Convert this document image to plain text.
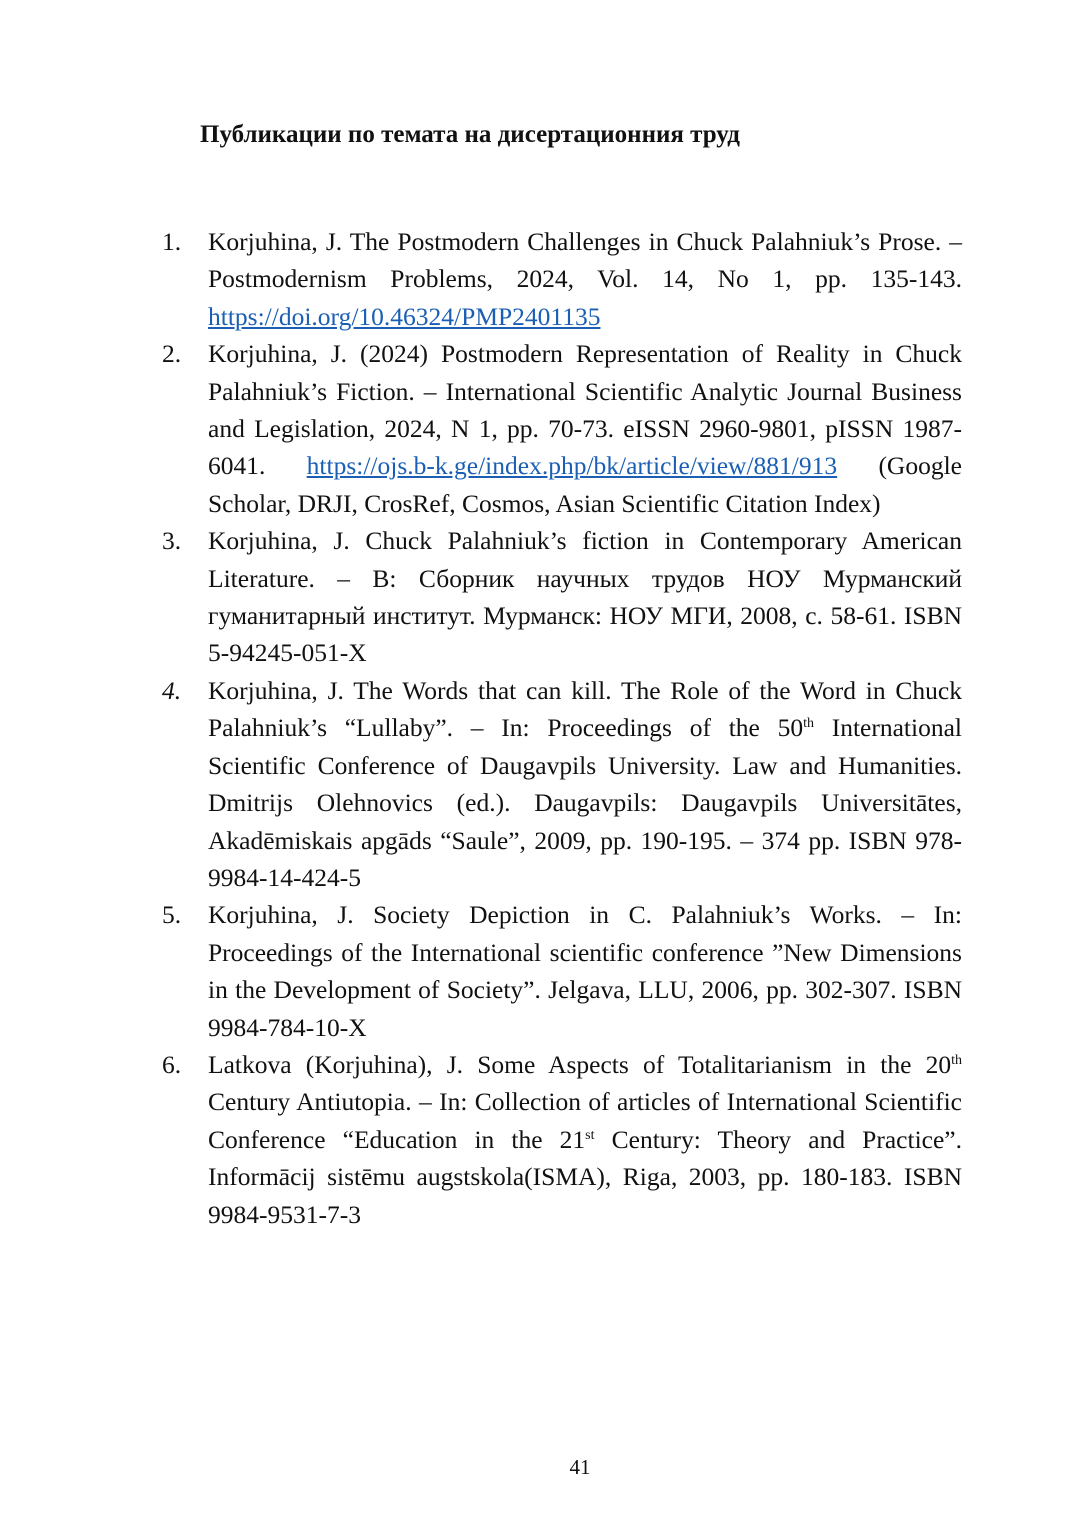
Публикации по темата на дисертационния труд
1. Korjuhina, J. The Postmodern Challenges in Chuck Palahniuk’s Prose. – Postmodernism Problems, 2024, Vol. 14, No 1, pp. 135-143. https://doi.org/10.46324/PMP2401135
2. Korjuhina, J. (2024) Postmodern Representation of Reality in Chuck Palahniuk’s Fiction. – International Scientific Analytic Journal Business and Legislation, 2024, N 1, pp. 70-73. eISSN 2960-9801, pISSN 1987-6041. https://ojs.b-k.ge/index.php/bk/article/view/881/913 (Google Scholar, DRJI, CrosRef, Cosmos, Asian Scientific Citation Index)
3. Korjuhina, J. Chuck Palahniuk’s fiction in Contemporary American Literature. – В: Сборник научных трудов НОУ Мурманский гуманитарный институт. Мурманск: НОУ МГИ, 2008, с. 58-61. ISBN 5-94245-051-X
4. Korjuhina, J. The Words that can kill. The Role of the Word in Chuck Palahniuk’s “Lullaby”. – In: Proceedings of the 50th International Scientific Conference of Daugavpils University. Law and Humanities. Dmitrijs Olehnovics (ed.). Daugavpils: Daugavpils Universitātes, Akadēmiskais apgāds “Saule”, 2009, pp. 190-195. – 374 pp. ISBN 978-9984-14-424-5
5. Korjuhina, J. Society Depiction in C. Palahniuk’s Works. – In: Proceedings of the International scientific conference ”New Dimensions in the Development of Society”. Jelgava, LLU, 2006, pp. 302-307. ISBN 9984-784-10-X
6. Latkova (Korjuhina), J. Some Aspects of Totalitarianism in the 20th Century Antiutopia. – In: Collection of articles of International Scientific Conference “Education in the 21st Century: Theory and Practice”. Informācij sistēmu augstskola(ISMA), Riga, 2003, pp. 180-183. ISBN 9984-9531-7-3
41
